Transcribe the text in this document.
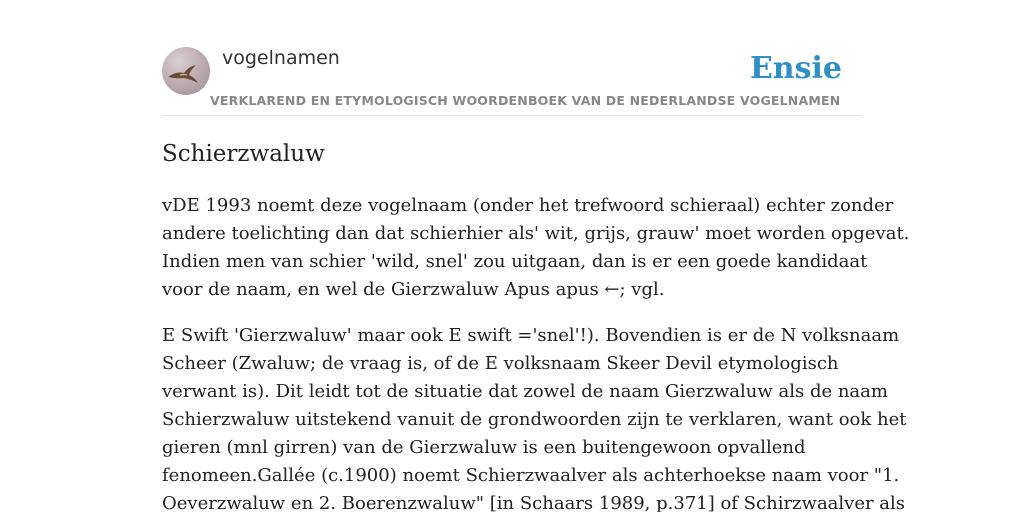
vogelnamen	Ensie
VERKLAREND EN ETYMOLOGISCH WOORDENBOEK VAN DE NEDERLANDSE VOGELNAMEN
Schierzwaluw

vDE 1993 noemt deze vogelnaam (onder het trefwoord schieraal) echter zonder
andere toelichting dan dat schierhier als' wit, grijs, grauw' moet worden opgevat.
Indien men van schier 'wild, snel' zou uitgaan, dan is er een goede kandidaat
voor de naam, en wel de Gierzwaluw Apus apus ←; vgl.

E Swift 'Gierzwaluw' maar ook E swift ='snel'!). Bovendien is er de N volksnaam
Scheer (Zwaluw; de vraag is, of de E volksnaam Skeer Devil etymologisch
verwant is). Dit leidt tot de situatie dat zowel de naam Gierzwaluw als de naam
Schierzwaluw uitstekend vanuit de grondwoorden zijn te verklaren, want ook het
gieren (mnl girren) van de Gierzwaluw is een buitengewoon opvallend
fenomeen.Gallée (c.1900) noemt Schierzwaalver als achterhoekse naam voor "1.
Oeverzwaluw en 2. Boerenzwaluw" [in Schaars 1989, p.371] of Schirzwaalver als
